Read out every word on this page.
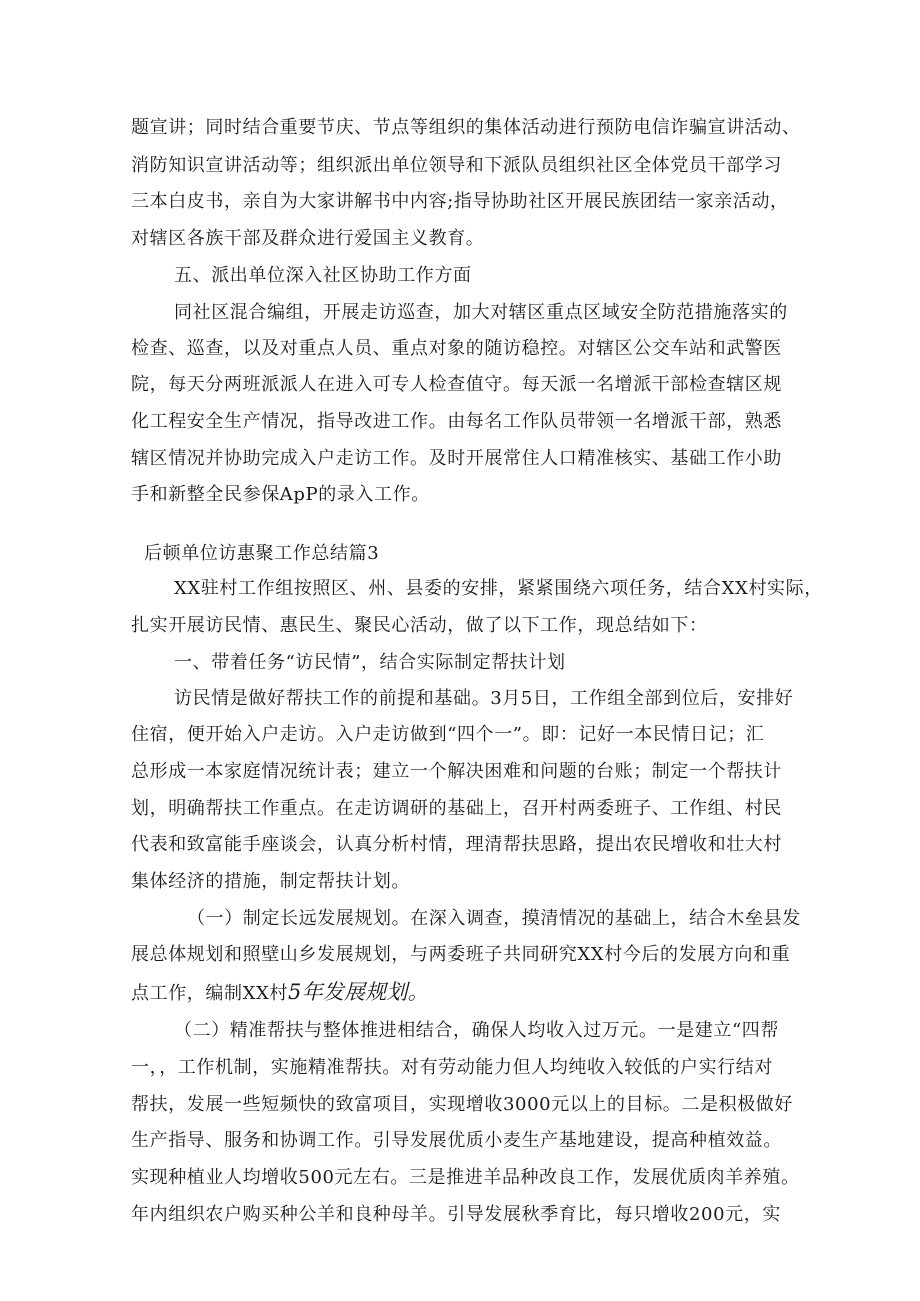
题宣讲；同时结合重要节庆、节点等组织的集体活动进行预防电信诈骗宣讲活动、
消防知识宣讲活动等；组织派出单位领导和下派队员组织社区全体党员干部学习
三本白皮书，亲自为大家讲解书中内容;指导协助社区开展民族团结一家亲活动，
对辖区各族干部及群众进行爱国主义教育。
五、派出单位深入社区协助工作方面
同社区混合编组，开展走访巡查，加大对辖区重点区域安全防范措施落实的
检查、巡查，以及对重点人员、重点对象的随访稳控。对辖区公交车站和武警医
院，每天分两班派派人在进入可专人检查值守。每天派一名增派干部检查辖区规
化工程安全生产情况，指导改进工作。由每名工作队员带领一名增派干部，熟悉
辖区情况并协助完成入户走访工作。及时开展常住人口精准核实、基础工作小助
手和新整全民参保ApP的录入工作。
后顿单位访惠聚工作总结篇3
XX驻村工作组按照区、州、县委的安排，紧紧围绕六项任务，结合XX村实际，
扎实开展访民情、惠民生、聚民心活动，做了以下工作，现总结如下：
一、带着任务“访民情”，结合实际制定帮扶计划
访民情是做好帮扶工作的前提和基础。3月5日，工作组全部到位后，安排好
住宿，便开始入户走访。入户走访做到“四个一”。即：记好一本民情日记；汇
总形成一本家庭情况统计表；建立一个解决困难和问题的台账；制定一个帮扶计
划，明确帮扶工作重点。在走访调研的基础上，召开村两委班子、工作组、村民
代表和致富能手座谈会，认真分析村情，理清帮扶思路，提出农民增收和壮大村
集体经济的措施，制定帮扶计划。
（一）制定长远发展规划。在深入调查，摸清情况的基础上，结合木垒县发
展总体规划和照壁山乡发展规划，与两委班子共同研究XX村今后的发展方向和重
点工作，编制XX村5年发展规划。
（二）精准帮扶与整体推进相结合，确保人均收入过万元。一是建立“四帮
一，，工作机制，实施精准帮扶。对有劳动能力但人均纯收入较低的户实行结对
帮扶，发展一些短频快的致富项目，实现增收3000元以上的目标。二是积极做好
生产指导、服务和协调工作。引导发展优质小麦生产基地建设，提高种植效益。
实现种植业人均增收500元左右。三是推进羊品种改良工作，发展优质肉羊养殖。
年内组织农户购买种公羊和良种母羊。引导发展秋季育比，每只增收200元，实
